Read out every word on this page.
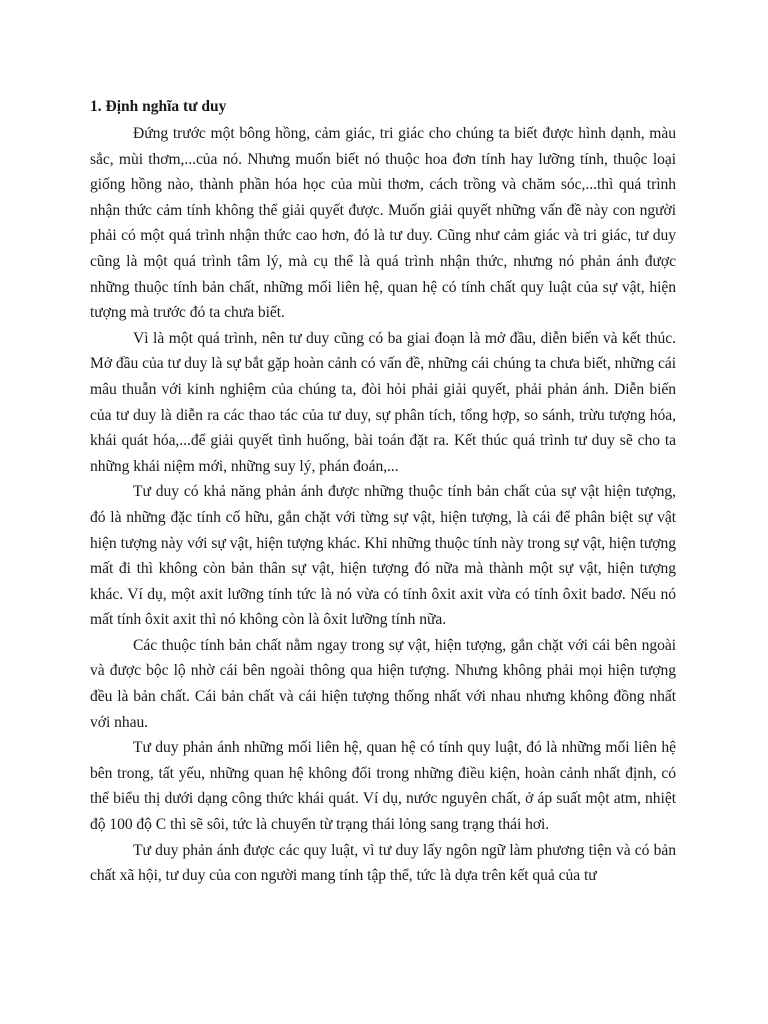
1. Định nghĩa tư duy

Đứng trước một bông hồng, cảm giác, tri giác cho chúng ta biết được hình dạnh, màu sắc, mùi thơm,...của nó. Nhưng muốn biết nó thuộc hoa đơn tính hay lưỡng tính, thuộc loại giống hồng nào, thành phần hóa học của mùi thơm, cách trồng và chăm sóc,...thì quá trình nhận thức cảm tính không thể giải quyết được. Muốn giải quyết những vấn đề này con người phải có một quá trình nhận thức cao hơn, đó là tư duy. Cũng như cảm giác và tri giác, tư duy cũng là một quá trình tâm lý, mà cụ thể là quá trình nhận thức, nhưng nó phản ánh được những thuộc tính bản chất, những mối liên hệ, quan hệ có tính chất quy luật của sự vật, hiện tượng mà trước đó ta chưa biết.

Vì là một quá trình, nên tư duy cũng có ba giai đoạn là mở đầu, diễn biến và kết thúc. Mở đầu của tư duy là sự bắt gặp hoàn cảnh có vấn đề, những cái chúng ta chưa biết, những cái mâu thuẫn với kinh nghiệm của chúng ta, đòi hỏi phải giải quyết, phải phản ánh. Diễn biến của tư duy là diễn ra các thao tác của tư duy, sự phân tích, tổng hợp, so sánh, trừu tượng hóa, khái quát hóa,...để giải quyết tình huống, bài toán đặt ra. Kết thúc quá trình tư duy sẽ cho ta những khái niệm mới, những suy lý, phán đoán,...

Tư duy có khả năng phản ánh được những thuộc tính bản chất của sự vật hiện tượng, đó là những đặc tính cố hữu, gắn chặt với từng sự vật, hiện tượng, là cái để phân biệt sự vật hiện tượng này với sự vật, hiện tượng khác. Khi những thuộc tính này trong sự vật, hiện tượng mất đi thì không còn bản thân sự vật, hiện tượng đó nữa mà thành một sự vật, hiện tượng khác. Ví dụ, một axit lưỡng tính tức là nó vừa có tính ôxit axit vừa có tính ôxit badơ. Nếu nó mất tính ôxit axit thì nó không còn là ôxit lưỡng tính nữa.

Các thuộc tính bản chất nằm ngay trong sự vật, hiện tượng, gắn chặt với cái bên ngoài và được bộc lộ nhờ cái bên ngoài thông qua hiện tượng. Nhưng không phải mọi hiện tượng đều là bản chất. Cái bản chất và cái hiện tượng thống nhất với nhau nhưng không đồng nhất với nhau.

Tư duy phản ánh những mối liên hệ, quan hệ có tính quy luật, đó là những mối liên hệ bên trong, tất yếu, những quan hệ không đổi trong những điều kiện, hoàn cảnh nhất định, có thể biểu thị dưới dạng công thức khái quát. Ví dụ, nước nguyên chất, ở áp suất một atm, nhiệt độ 100 độ C thì sẽ sôi, tức là chuyển từ trạng thái lỏng sang trạng thái hơi.

Tư duy phản ánh được các quy luật, vì tư duy lấy ngôn ngữ làm phương tiện và có bản chất xã hội, tư duy của con người mang tính tập thể, tức là dựa trên kết quả của tư
